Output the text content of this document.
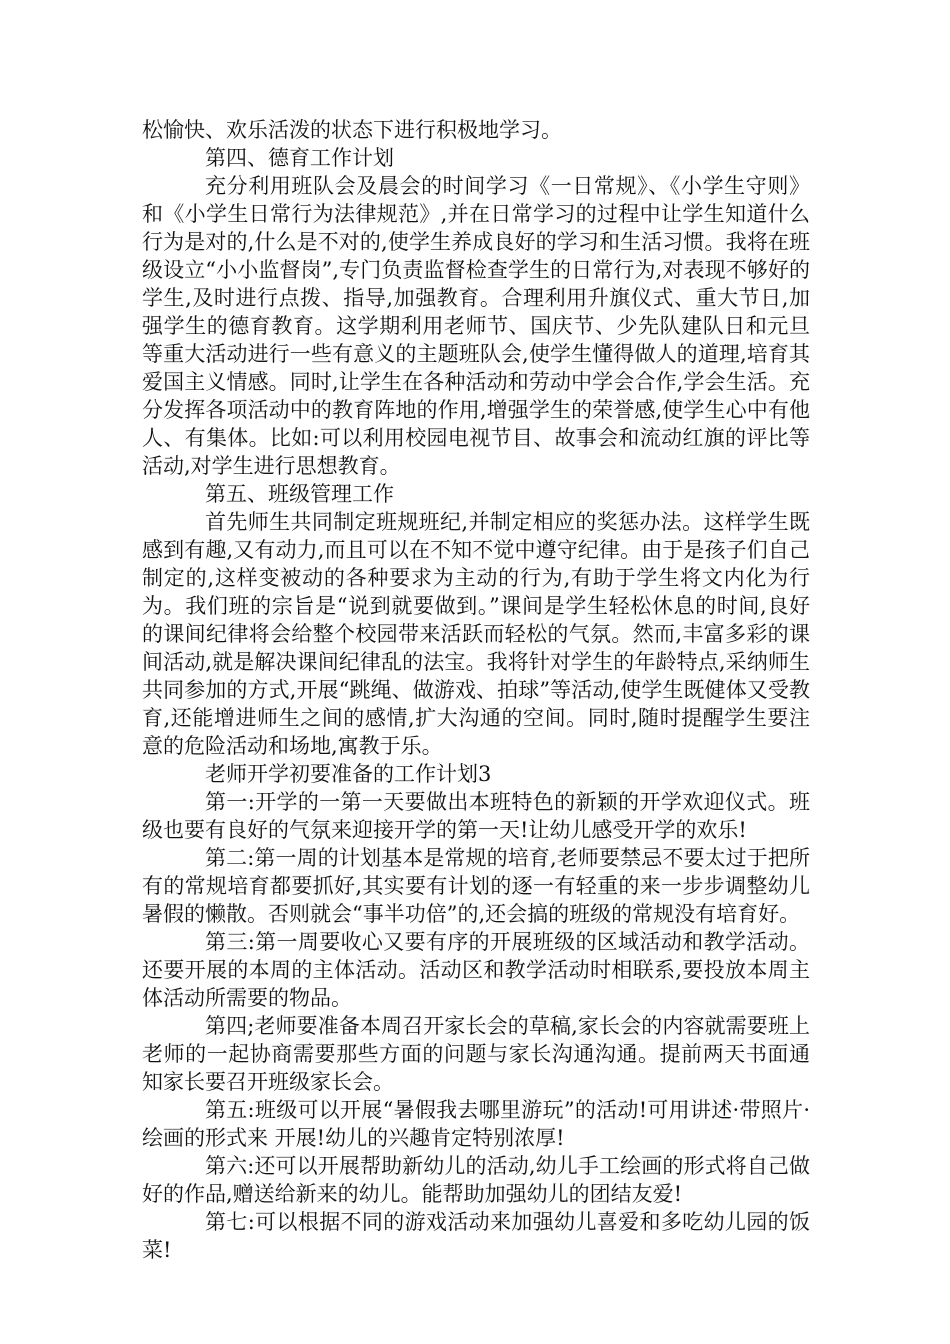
松愉快、欢乐活泼的状态下进行积极地学习。

第四、德育工作计划

充分利用班队会及晨会的时间学习《一日常规》、《小学生守则》和《小学生日常行为法律规范》,并在日常学习的过程中让学生知道什么行为是对的,什么是不对的,使学生养成良好的学习和生活习惯。我将在班级设立“小小监督岗”,专门负责监督检查学生的日常行为,对表现不够好的学生,及时进行点拨、指导,加强教育。合理利用升旗仪式、重大节日,加强学生的德育教育。这学期利用老师节、国庆节、少先队建队日和元旦等重大活动进行一些有意义的主题班队会,使学生懂得做人的道理,培育其爱国主义情感。同时,让学生在各种活动和劳动中学会合作,学会生活。充分发挥各项活动中的教育阵地的作用,增强学生的荣誉感,使学生心中有他人、有集体。比如:可以利用校园电视节目、故事会和流动红旗的评比等活动,对学生进行思想教育。

第五、班级管理工作

首先师生共同制定班规班纪,并制定相应的奖惩办法。这样学生既感到有趣,又有动力,而且可以在不知不觉中遵守纪律。由于是孩子们自己制定的,这样变被动的各种要求为主动的行为,有助于学生将文内化为行为。我们班的宗旨是“说到就要做到。”课间是学生轻松休息的时间,良好的课间纪律将会给整个校园带来活跃而轻松的气氛。然而,丰富多彩的课间活动,就是解决课间纪律乱的法宝。我将针对学生的年龄特点,采纳师生共同参加的方式,开展“跳绳、做游戏、拍球”等活动,使学生既健体又受教育,还能增进师生之间的感情,扩大沟通的空间。同时,随时提醒学生要注意的危险活动和场地,寓教于乐。

老师开学初要准备的工作计划3

第一:开学的一第一天要做出本班特色的新颖的开学欢迎仪式。班级也要有良好的气氛来迎接开学的第一天!让幼儿感受开学的欢乐!

第二:第一周的计划基本是常规的培育,老师要禁忌不要太过于把所有的常规培育都要抓好,其实要有计划的逐一有轻重的来一步步调整幼儿暑假的懒散。否则就会“事半功倍”的,还会搞的班级的常规没有培育好。

第三:第一周要收心又要有序的开展班级的区域活动和教学活动。还要开展的本周的主体活动。活动区和教学活动时相联系,要投放本周主体活动所需要的物品。

第四;老师要准备本周召开家长会的草稿,家长会的内容就需要班上老师的一起协商需要那些方面的问题与家长沟通沟通。提前两天书面通知家长要召开班级家长会。

第五:班级可以开展“暑假我去哪里游玩”的活动!可用讲述·带照片·绘画的形式来 开展!幼儿的兴趣肯定特别浓厚!

第六:还可以开展帮助新幼儿的活动,幼儿手工绘画的形式将自己做好的作品,赠送给新来的幼儿。能帮助加强幼儿的团结友爱!

第七:可以根据不同的游戏活动来加强幼儿喜爱和多吃幼儿园的饭菜!
